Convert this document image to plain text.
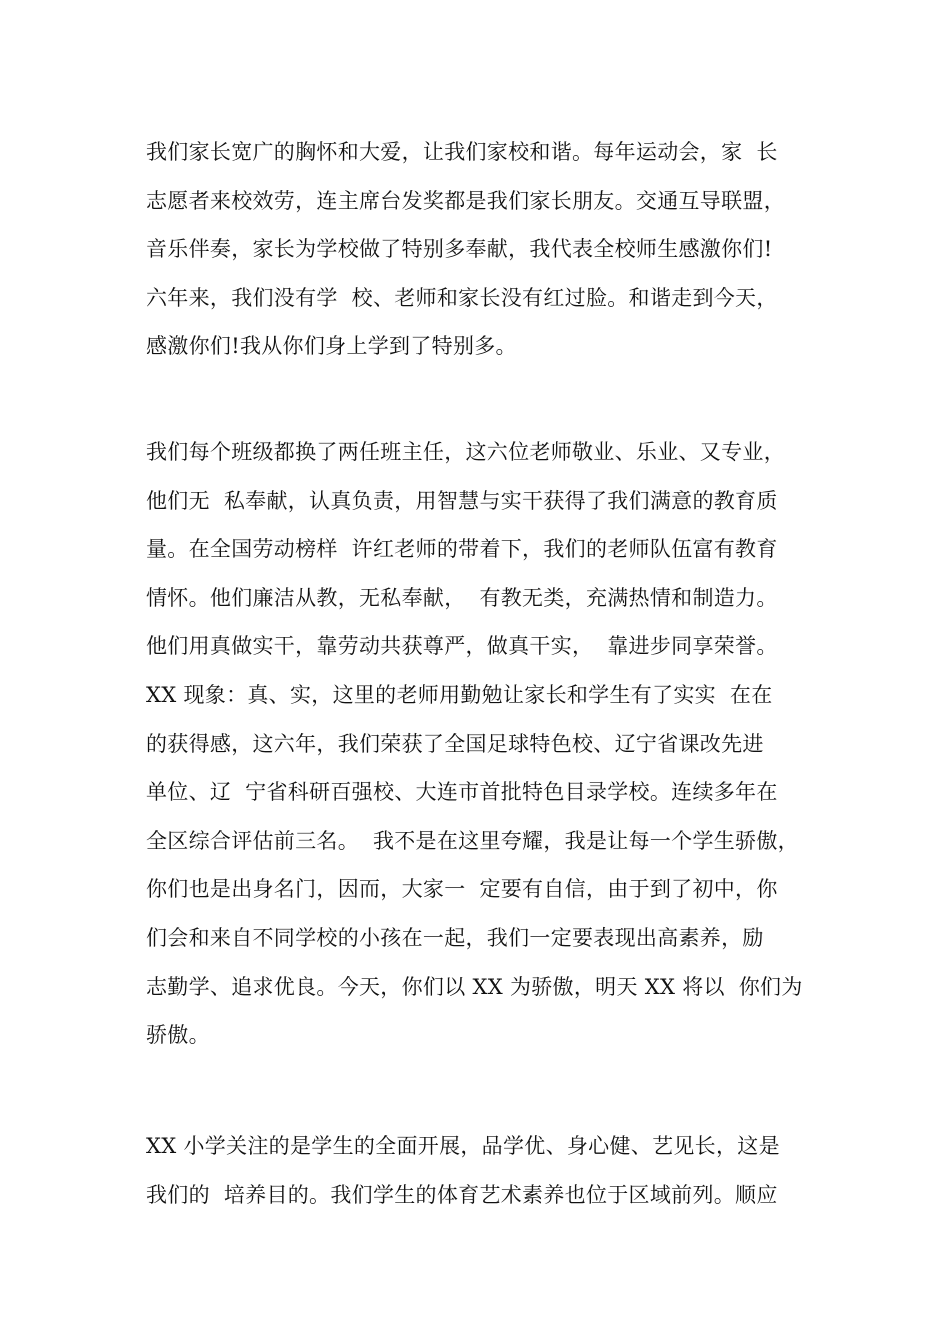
我们家长宽广的胸怀和大爱，让我们家校和谐。每年运动会，家  长
志愿者来校效劳，连主席台发奖都是我们家长朋友。交通互导联盟，
音乐伴奏，家长为学校做了特别多奉献，我代表全校师生感激你们!
六年来，我们没有学  校、老师和家长没有红过脸。和谐走到今天，
感激你们!我从你们身上学到了特别多。
我们每个班级都换了两任班主任，这六位老师敬业、乐业、又专业，
他们无  私奉献，认真负责，用智慧与实干获得了我们满意的教育质
量。在全国劳动榜样  许红老师的带着下，我们的老师队伍富有教育
情怀。他们廉洁从教，无私奉献，  有教无类，充满热情和制造力。
他们用真做实干，靠劳动共获尊严，做真干实，  靠进步同享荣誉。
XX 现象：真、实，这里的老师用勤勉让家长和学生有了实实  在在
的获得感，这六年，我们荣获了全国足球特色校、辽宁省课改先进
单位、辽  宁省科研百强校、大连市首批特色目录学校。连续多年在
全区综合评估前三名。  我不是在这里夸耀，我是让每一个学生骄傲，
你们也是出身名门，因而，大家一  定要有自信，由于到了初中，你
们会和来自不同学校的小孩在一起，我们一定要表现出高素养，励
志勤学、追求优良。今天，你们以 XX 为骄傲，明天 XX 将以  你们为
骄傲。
XX 小学关注的是学生的全面开展，品学优、身心健、艺见长，这是
我们的  培养目的。我们学生的体育艺术素养也位于区域前列。顺应
